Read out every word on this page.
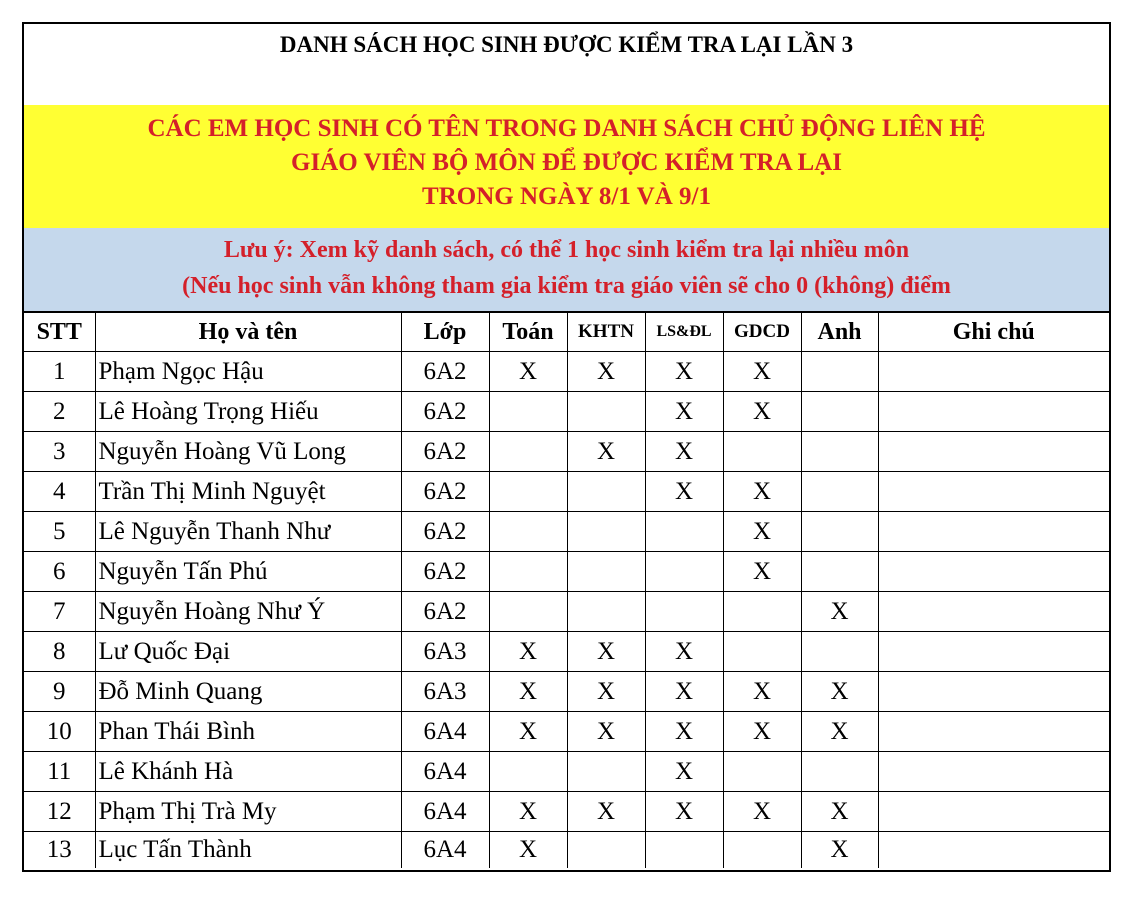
DANH SÁCH HỌC SINH ĐƯỢC KIỂM TRA LẠI LẦN 3
CÁC EM HỌC SINH CÓ TÊN TRONG DANH SÁCH CHỦ ĐỘNG LIÊN HỆ
GIÁO VIÊN BỘ MÔN ĐỂ ĐƯỢC KIỂM TRA LẠI
TRONG NGÀY 8/1 VÀ 9/1
Lưu ý: Xem kỹ danh sách, có thể 1 học sinh kiểm tra lại nhiều môn
(Nếu học sinh vẫn không tham gia kiểm tra giáo viên sẽ cho 0 (không) điểm
STT	Họ và tên	Lớp	Toán	KHTN	LS&ĐL	GDCD	Anh	Ghi chú
1	Phạm Ngọc Hậu	6A2	X	X	X	X		
2	Lê Hoàng Trọng Hiếu	6A2			X	X		
3	Nguyễn Hoàng Vũ Long	6A2		X	X			
4	Trần Thị Minh Nguyệt	6A2			X	X		
5	Lê Nguyễn Thanh Như	6A2				X		
6	Nguyễn Tấn Phú	6A2				X		
7	Nguyễn Hoàng Như Ý	6A2					X	
8	Lư Quốc Đại	6A3	X	X	X			
9	Đỗ Minh Quang	6A3	X	X	X	X	X	
10	Phan Thái Bình	6A4	X	X	X	X	X	
11	Lê Khánh Hà	6A4			X			
12	Phạm Thị Trà My	6A4	X	X	X	X	X	
13	Lục Tấn Thành	6A4	X				X	
